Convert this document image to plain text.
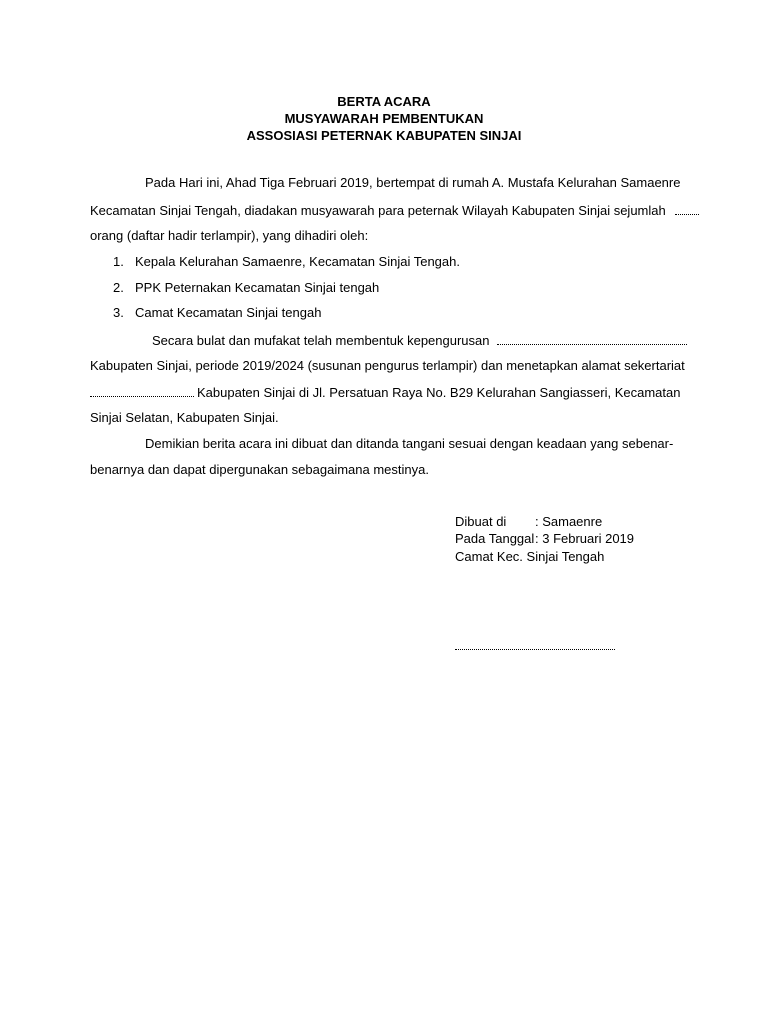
BERTA ACARA
MUSYAWARAH PEMBENTUKAN
ASSOSIASI PETERNAK KABUPATEN SINJAI
Pada Hari ini, Ahad Tiga Februari 2019, bertempat di rumah A. Mustafa Kelurahan Samaenre
Kecamatan Sinjai Tengah, diadakan musyawarah para peternak Wilayah Kabupaten Sinjai sejumlah
orang (daftar hadir terlampir), yang dihadiri oleh:
1. Kepala Kelurahan Samaenre, Kecamatan Sinjai Tengah.
2. PPK Peternakan Kecamatan Sinjai tengah
3. Camat Kecamatan Sinjai tengah
Secara bulat dan mufakat telah membentuk kepengurusan
Kabupaten Sinjai, periode 2019/2024 (susunan pengurus terlampir) dan menetapkan alamat sekertariat
Kabupaten Sinjai di Jl. Persatuan Raya No. B29 Kelurahan Sangiasseri, Kecamatan
Sinjai Selatan, Kabupaten Sinjai.
Demikian berita acara ini dibuat dan ditanda tangani sesuai dengan keadaan yang sebenar-
benarnya dan dapat dipergunakan sebagaimana mestinya.
Dibuat di : Samaenre
Pada Tanggal : 3 Februari 2019
Camat Kec. Sinjai Tengah
